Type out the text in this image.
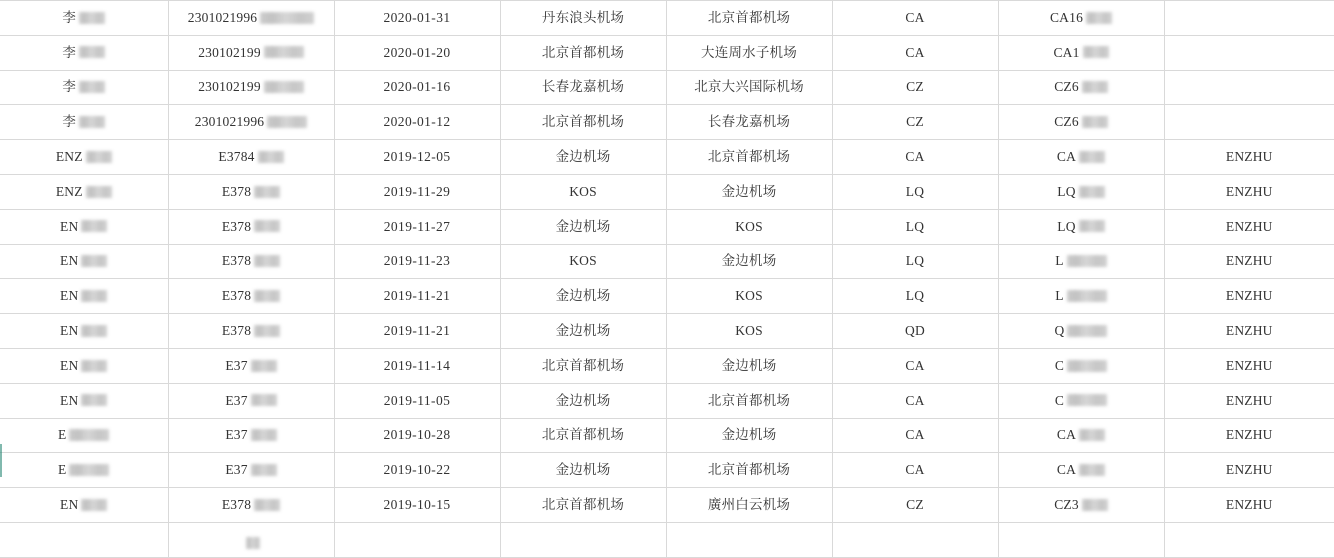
李	2301021996	2020-01-31	丹东浪头机场	北京首都机场	CA	CA16	

李	230102199	2020-01-20	北京首都机场	大连周水子机场	CA	CA1	

李	230102199	2020-01-16	长春龙嘉机场	北京大兴国际机场	CZ	CZ6	

李	2301021996	2020-01-12	北京首都机场	长春龙嘉机场	CZ	CZ6	

ENZ	E3784	2019-12-05	金边机场	北京首都机场	CA	CA	ENZHU

ENZ	E378	2019-11-29	KOS	金边机场	LQ	LQ	ENZHU

EN	E378	2019-11-27	金边机场	KOS	LQ	LQ	ENZHU

EN	E378	2019-11-23	KOS	金边机场	LQ	L	ENZHU

EN	E378	2019-11-21	金边机场	KOS	LQ	L	ENZHU

EN	E378	2019-11-21	金边机场	KOS	QD	Q	ENZHU

EN	E37	2019-11-14	北京首都机场	金边机场	CA	C	ENZHU

EN	E37	2019-11-05	金边机场	北京首都机场	CA	C	ENZHU

E	E37	2019-10-28	北京首都机场	金边机场	CA	CA	ENZHU

E	E37	2019-10-22	金边机场	北京首都机场	CA	CA	ENZHU

EN	E378	2019-10-15	北京首都机场	廣州白云机场	CZ	CZ3	ENZHU
